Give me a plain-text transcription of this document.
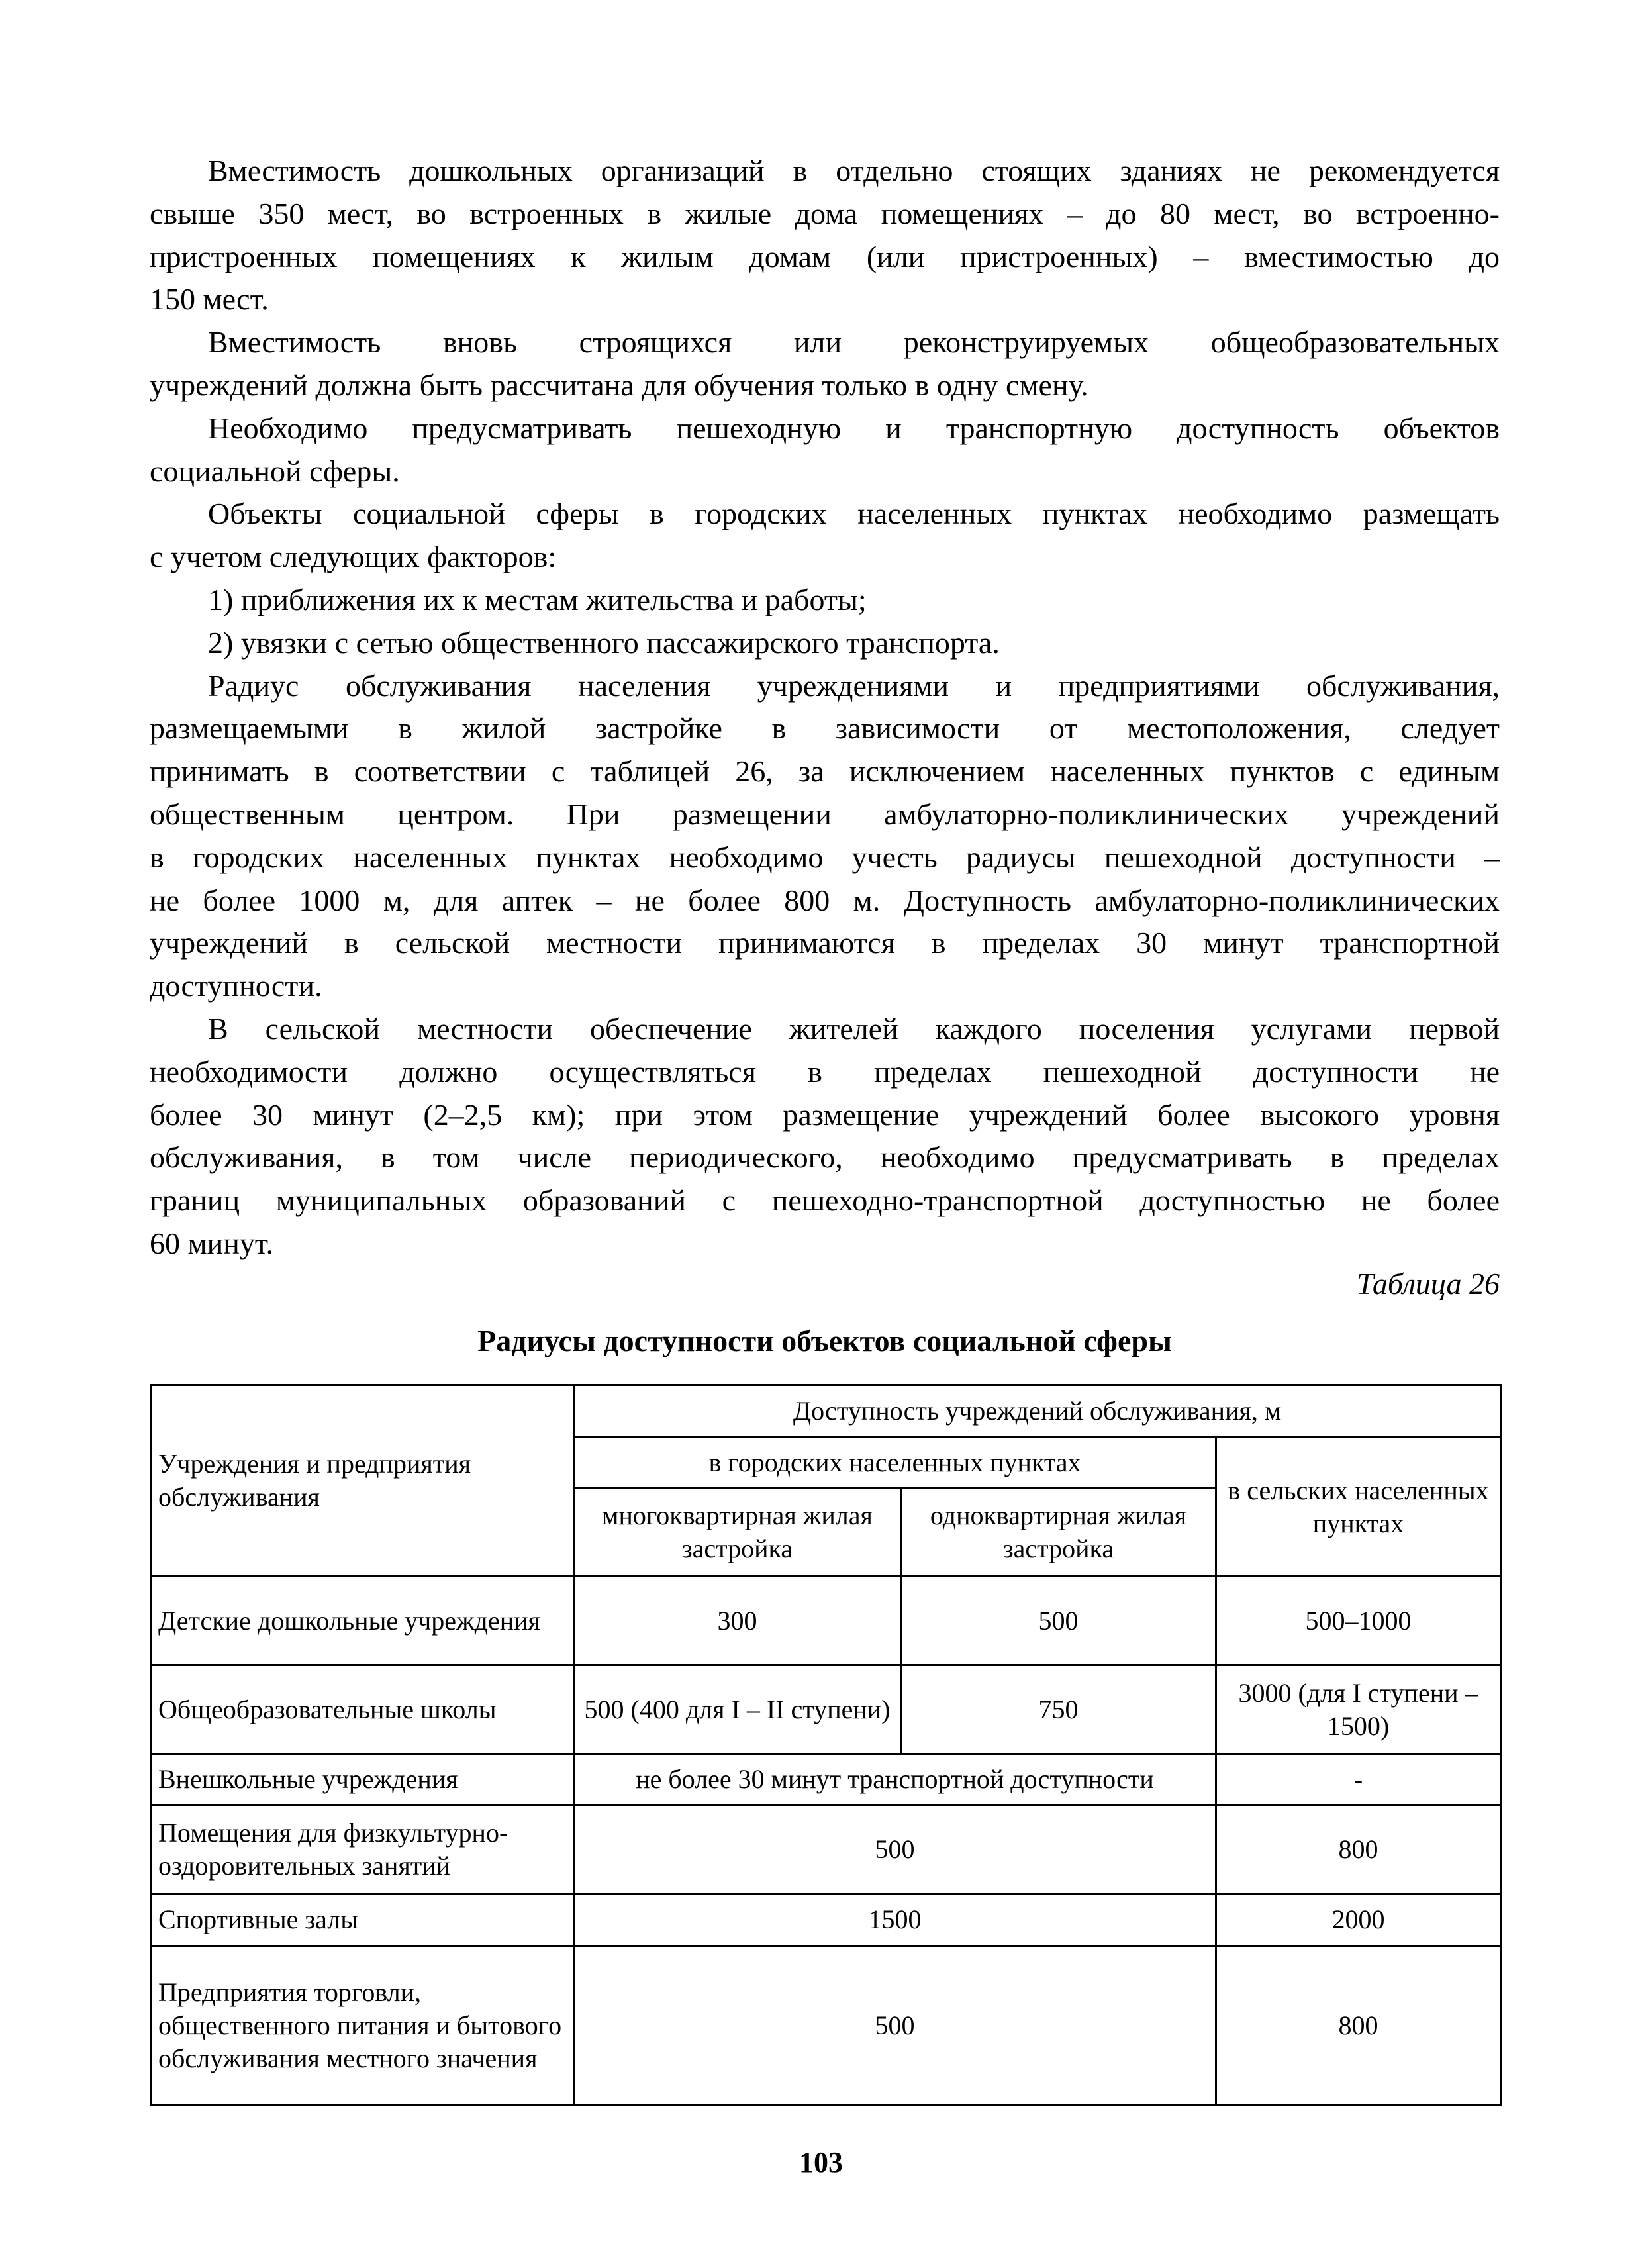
Вместимость дошкольных организаций в отдельно стоящих зданиях не рекомендуется
свыше 350 мест, во встроенных в жилые дома помещениях – до 80 мест, во встроенно-
пристроенных помещениях к жилым домам (или пристроенных) – вместимостью до
150 мест.
Вместимость вновь строящихся или реконструируемых общеобразовательных
учреждений должна быть рассчитана для обучения только в одну смену.
Необходимо предусматривать пешеходную и транспортную доступность объектов
социальной сферы.
Объекты социальной сферы в городских населенных пунктах необходимо размещать
с учетом следующих факторов:
1) приближения их к местам жительства и работы;
2) увязки с сетью общественного пассажирского транспорта.
Радиус обслуживания населения учреждениями и предприятиями обслуживания,
размещаемыми в жилой застройке в зависимости от местоположения, следует
принимать в соответствии с таблицей 26, за исключением населенных пунктов с единым
общественным центром. При размещении амбулаторно-поликлинических учреждений
в городских населенных пунктах необходимо учесть радиусы пешеходной доступности –
не более 1000 м, для аптек – не более 800 м. Доступность амбулаторно-поликлинических
учреждений в сельской местности принимаются в пределах 30 минут транспортной
доступности.
В сельской местности обеспечение жителей каждого поселения услугами первой
необходимости должно осуществляться в пределах пешеходной доступности не
более 30 минут (2–2,5 км); при этом размещение учреждений более высокого уровня
обслуживания, в том числе периодического, необходимо предусматривать в пределах
границ муниципальных образований с пешеходно-транспортной доступностью не более
60 минут.
Таблица 26
Радиусы доступности объектов социальной сферы
Учреждения и предприятия обслуживания	Доступность учреждений обслуживания, м		
	в городских населенных пунктах		в сельских населенных пунктах
	многоквартирная жилая застройка	одноквартирная жилая застройка	
Детские дошкольные учреждения	300	500	500–1000
Общеобразовательные школы	500 (400 для I – II ступени)	750	3000 (для I ступени – 1500)
Внешкольные учреждения	не более 30 минут транспортной доступности		-
Помещения для физкультурно-оздоровительных занятий	500		800
Спортивные залы	1500		2000
Предприятия торговли, общественного питания и бытового обслуживания местного значения	500		800
103
